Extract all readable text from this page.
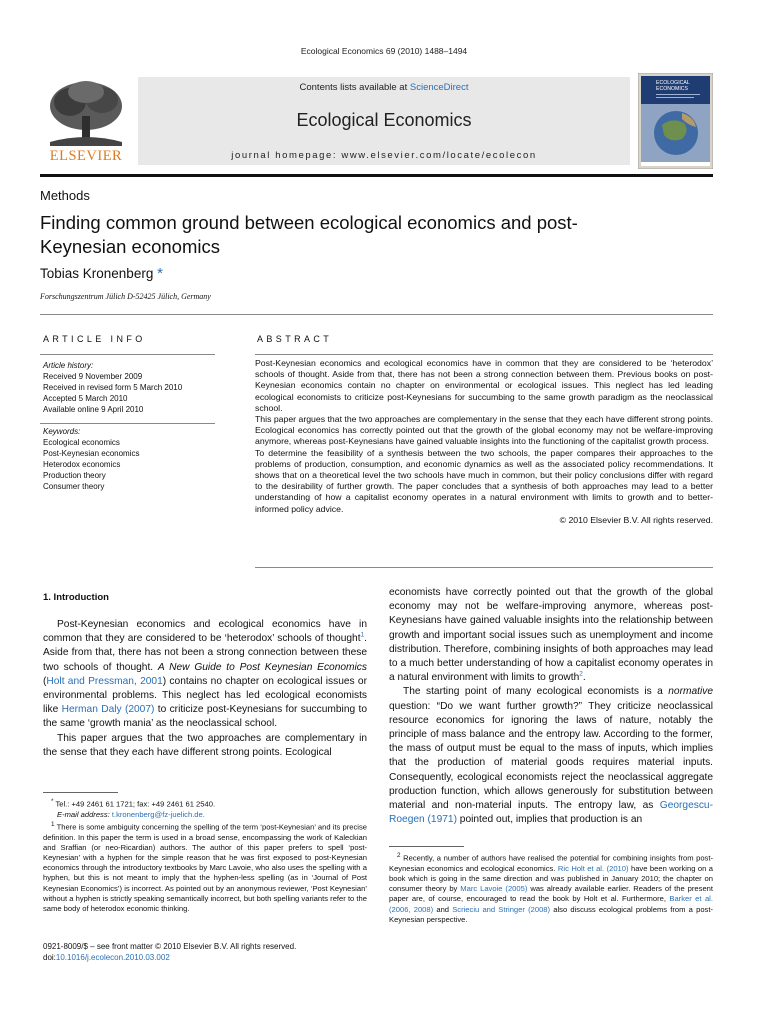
Ecological Economics 69 (2010) 1488–1494
ELSEVIER
Contents lists available at ScienceDirect
Ecological Economics
journal homepage: www.elsevier.com/locate/ecolecon
ECOLOGICAL
ECONOMICS
Methods
Finding common ground between ecological economics and post-Keynesian economics
Tobias Kronenberg *
Forschungszentrum Jülich D-52425 Jülich, Germany
ARTICLE INFO
Article history:
Received 9 November 2009
Received in revised form 5 March 2010
Accepted 5 March 2010
Available online 9 April 2010
Keywords:
Ecological economics
Post-Keynesian economics
Heterodox economics
Production theory
Consumer theory
ABSTRACT

Post-Keynesian economics and ecological economics have in common that they are considered to be ‘heterodox’ schools of thought. Aside from that, there has not been a strong connection between them. Previous books on post-Keynesian economics contain no chapter on environmental or ecological issues. This neglect has led leading ecological economists to criticize post-Keynesians for succumbing to the same growth paradigm as the neoclassical school.

This paper argues that the two approaches are complementary in the sense that they each have different strong points. Ecological economics has correctly pointed out that the growth of the global economy may not be welfare-improving anymore, whereas post-Keynesians have gained valuable insights into the functioning of the capitalist growth process.

To determine the feasibility of a synthesis between the two schools, the paper compares their approaches to the problems of production, consumption, and economic dynamics as well as the associated policy recommendations. It shows that on a theoretical level the two schools have much in common, but their policy conclusions differ with regard to the desirability of further growth. The paper concludes that a synthesis of both approaches may lead to a better understanding of how a capitalist economy operates in a natural environment with limits to growth and to better-informed policy advice.

© 2010 Elsevier B.V. All rights reserved.

1. Introduction

Post-Keynesian economics and ecological economics have in common that they are considered to be ‘heterodox’ schools of thought$^1$. Aside from that, there has not been a strong connection between these two schools of thought. A New Guide to Post Keynesian Economics (Holt and Pressman, 2001) contains no chapter on ecological issues or environmental problems. This neglect has led ecological economists like Herman Daly (2007) to criticize post-Keynesians for succumbing to the same ‘growth mania’ as the neoclassical school.

This paper argues that the two approaches are complementary in the sense that they each have different strong points. Ecological

economists have correctly pointed out that the growth of the global economy may not be welfare-improving anymore, whereas post-Keynesians have gained valuable insights into the relationship between growth and important social issues such as unemployment and income distribution. Therefore, combining insights of both approaches may lead to a much better understanding of how a capitalist economy operates in a natural environment with limits to growth$^2$.

The starting point of many ecological economists is a normative question: “Do we want further growth?” They criticize neoclassical resource economics for ignoring the laws of nature, notably the principle of mass balance and the entropy law. According to the former, the mass of output must be equal to the mass of inputs, which implies that the production of material goods requires material inputs. Consequently, ecological economists reject the neoclassical aggregate production function, which allows generously for substitution between material and non-material inputs. The entropy law, as Georgescu-Roegen (1971) pointed out, implies that production is an

* Tel.: +49 2461 61 1721; fax: +49 2461 61 2540.

E-mail address: t.kronenberg@fz-juelich.de.

$^1$ There is some ambiguity concerning the spelling of the term ‘post-Keynesian’ and its precise definition. In this paper the term is used in a broad sense, encompassing the work of Kaleckian and Sraffian (or neo-Ricardian) authors. The author of this paper prefers to spell ‘post-Keynesian’ with a hyphen for the simple reason that he was first exposed to post-Keynesian economics through the introductory textbooks by Marc Lavoie, who also uses the spelling with a hyphen, but this is not meant to imply that the hyphen-less spelling (as in ‘Journal of Post Keynesian Economics’) is incorrect. As pointed out by an anonymous reviewer, ‘Post Keynesian’ without a hyphen is strictly speaking semantically incorrect, but both spelling variants refer to the same body of heterodox economic thinking.

$^2$ Recently, a number of authors have realised the potential for combining insights from post-Keynesian economics and ecological economics. Ric Holt et al. (2010) have been working on a book which is going in the same direction and was published in January 2010; the chapter on consumer theory by Marc Lavoie (2005) was already available earlier. Readers of the present paper are, of course, encouraged to read the book by Holt et al. Furthermore, Barker et al. (2006, 2008) and Scrieciu and Stringer (2008) also discuss ecological problems from a post-Keynesian perspective.

0921-8009/$ – see front matter © 2010 Elsevier B.V. All rights reserved.
doi:10.1016/j.ecolecon.2010.03.002
